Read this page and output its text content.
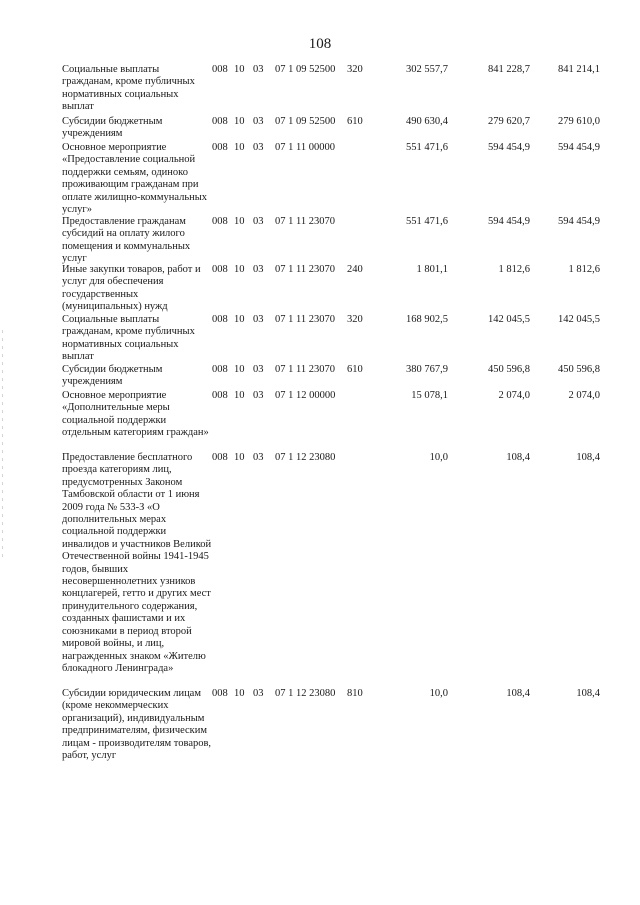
108
Социальные выплаты гражданам, кроме публичных нормативных социальных выплат
008 10 03 07 1 09 52500 320	302 557,7	841 228,7	841 214,1
Субсидии бюджетным учреждениям
008 10 03 07 1 09 52500 610	490 630,4	279 620,7	279 610,0
Основное мероприятие «Предоставление социальной поддержки семьям, одиноко проживающим гражданам при оплате жилищно-коммунальных услуг»
008 10 03 07 1 11 00000	551 471,6	594 454,9	594 454,9
Предоставление гражданам субсидий на оплату жилого помещения и коммунальных услуг
008 10 03 07 1 11 23070	551 471,6	594 454,9	594 454,9
Иные закупки товаров, работ и услуг для обеспечения государственных (муниципальных) нужд
008 10 03 07 1 11 23070 240	1 801,1	1 812,6	1 812,6
Социальные выплаты гражданам, кроме публичных нормативных социальных выплат
008 10 03 07 1 11 23070 320	168 902,5	142 045,5	142 045,5
Субсидии бюджетным учреждениям
008 10 03 07 1 11 23070 610	380 767,9	450 596,8	450 596,8
Основное мероприятие «Дополнительные меры социальной поддержки отдельным категориям граждан»
008 10 03 07 1 12 00000	15 078,1	2 074,0	2 074,0
Предоставление бесплатного проезда категориям лиц, предусмотренных Законом Тамбовской области от 1 июня 2009 года № 533-З «О дополнительных мерах социальной поддержки инвалидов и участников Великой Отечественной войны 1941-1945 годов, бывших несовершеннолетних узников концлагерей, гетто и других мест принудительного содержания, созданных фашистами и их союзниками в период второй мировой войны, и лиц, награжденных знаком «Жителю блокадного Ленинграда»
008 10 03 07 1 12 23080	10,0	108,4	108,4
Субсидии юридическим лицам (кроме некоммерческих организаций), индивидуальным предпринимателям, физическим лицам - производителям товаров, работ, услуг
008 10 03 07 1 12 23080 810	10,0	108,4	108,4
